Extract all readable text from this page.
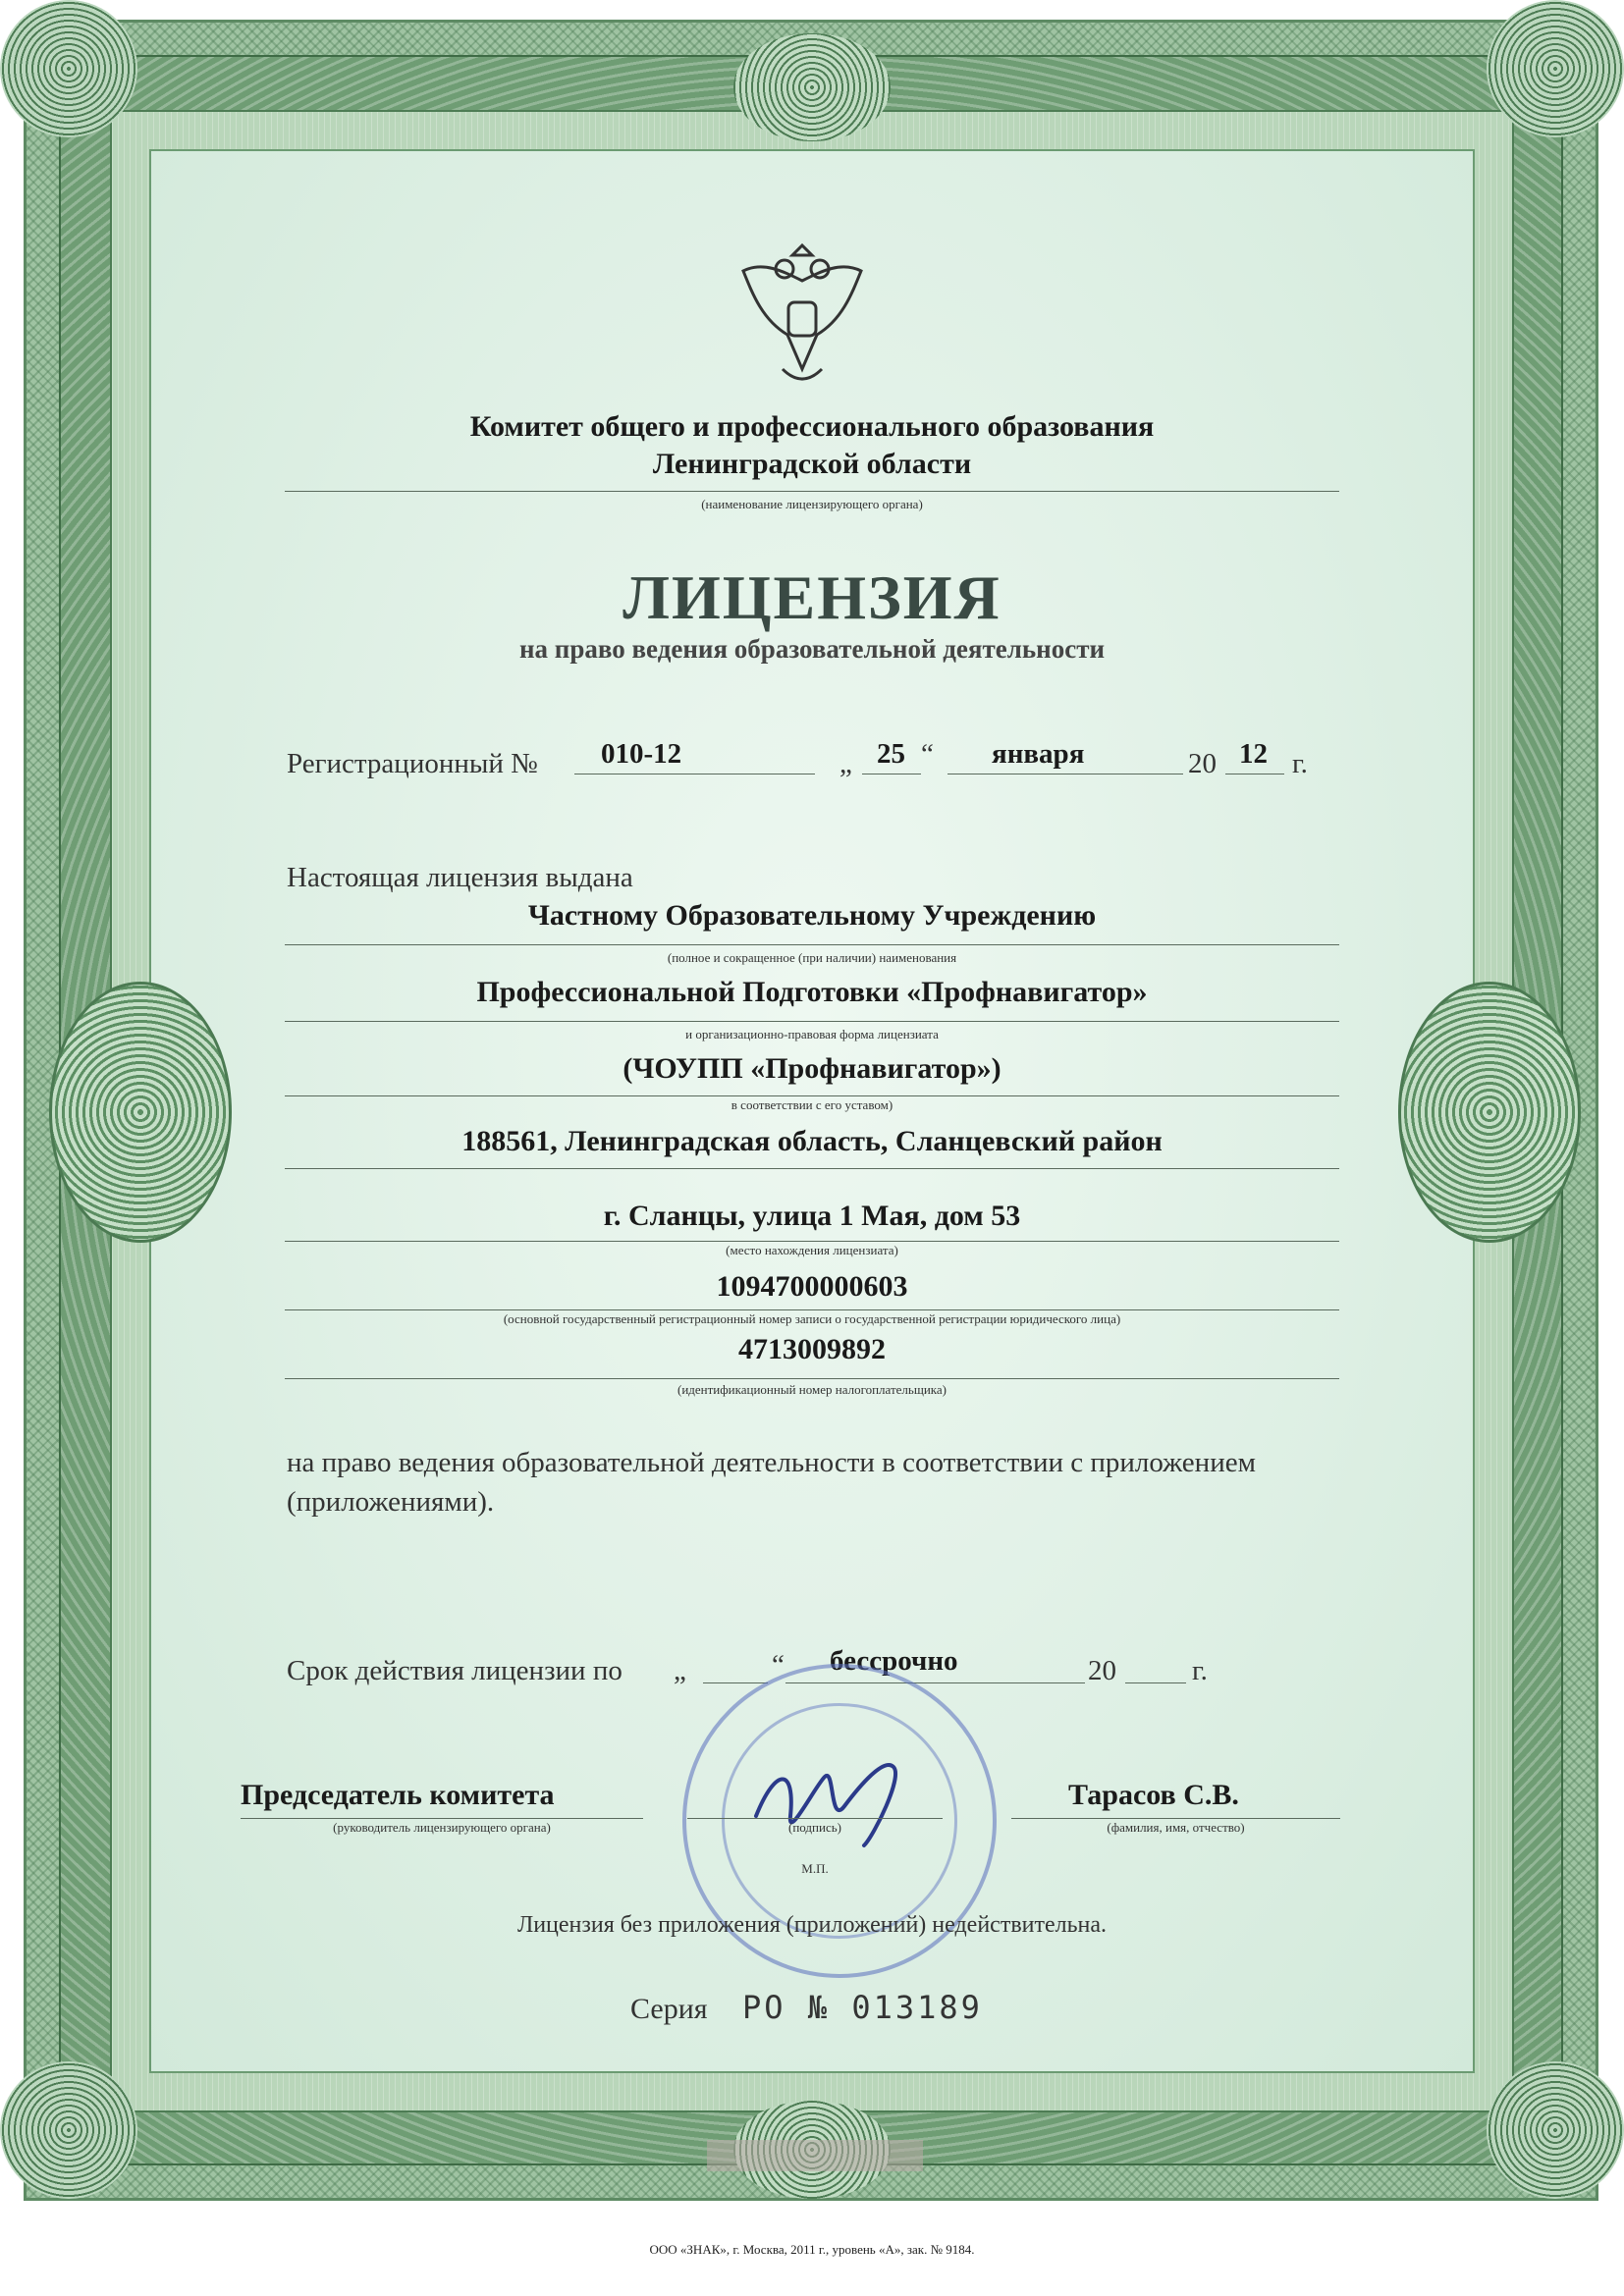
Комитет общего и профессионального образования
Ленинградской области
(наименование лицензирующего органа)
ЛИЦЕНЗИЯ
на право ведения образовательной деятельности
Регистрационный № 010-12	„ 25 “ января	20 12 г.
Настоящая лицензия выдана
Частному Образовательному Учреждению
(полное и сокращенное (при наличии) наименования
Профессиональной Подготовки «Профнавигатор»
и организационно-правовая форма лицензиата
(ЧОУПП «Профнавигатор»)
в соответствии с его уставом)
188561, Ленинградская область, Сланцевский район
г. Сланцы, улица 1 Мая, дом 53
(место нахождения лицензиата)
1094700000603
(основной государственный регистрационный номер записи о государственной регистрации юридического лица)
4713009892
(идентификационный номер налогоплательщика)
на право ведения образовательной деятельности в соответствии с приложением
(приложениями).
Срок действия лицензии по „	“ бессрочно	20	г.
Председатель комитета
(руководитель лицензирующего органа)	(подпись)
М.П.
Тарасов С.В.
(фамилия, имя, отчество)
Лицензия без приложения (приложений) недействительна.
Серия РО № 013189
ООО «ЗНАК», г. Москва, 2011 г., уровень «А», зак. № 9184.
